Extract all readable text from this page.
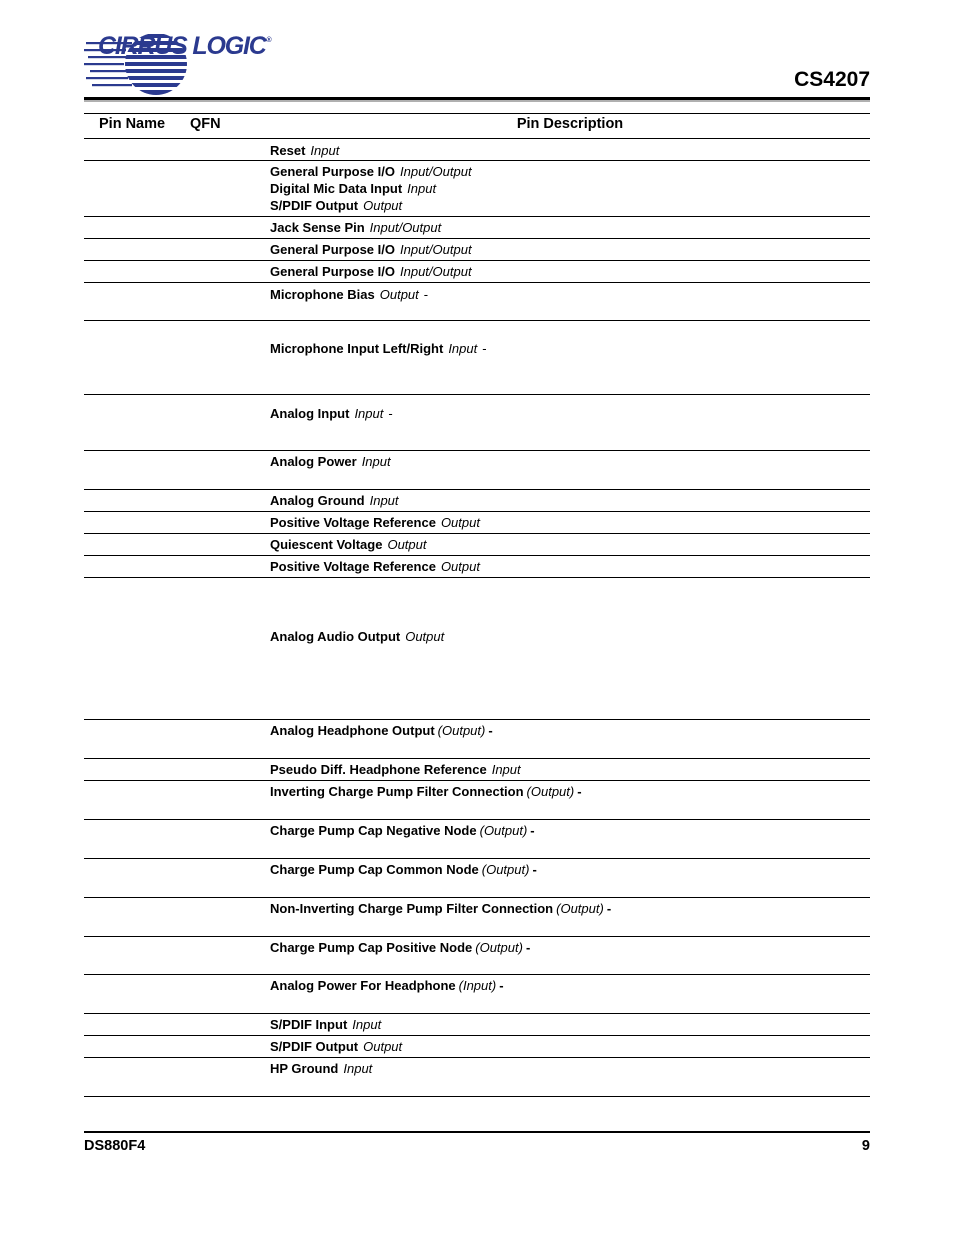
CIRRUS LOGIC®
CS4207
Pin Name QFN	Pin Description
Reset Input
General Purpose I/O Input/Output
Digital Mic Data Input Input
S/PDIF Output Output
Jack Sense Pin Input/Output
General Purpose I/O Input/Output
General Purpose I/O Input/Output
Microphone Bias Output -
Microphone Input Left/Right Input -
Analog Input Input -
Analog Power Input
Analog Ground Input
Positive Voltage Reference Output
Quiescent Voltage Output
Positive Voltage Reference Output
Analog Audio Output Output
Analog Headphone Output (Output) -
Pseudo Diff. Headphone Reference Input
Inverting Charge Pump Filter Connection (Output) -
Charge Pump Cap Negative Node (Output) -
Charge Pump Cap Common Node (Output) -
Non-Inverting Charge Pump Filter Connection (Output) -
Charge Pump Cap Positive Node (Output) -
Analog Power For Headphone (Input) -
S/PDIF Input Input
S/PDIF Output Output
HP Ground Input
DS880F4	9
